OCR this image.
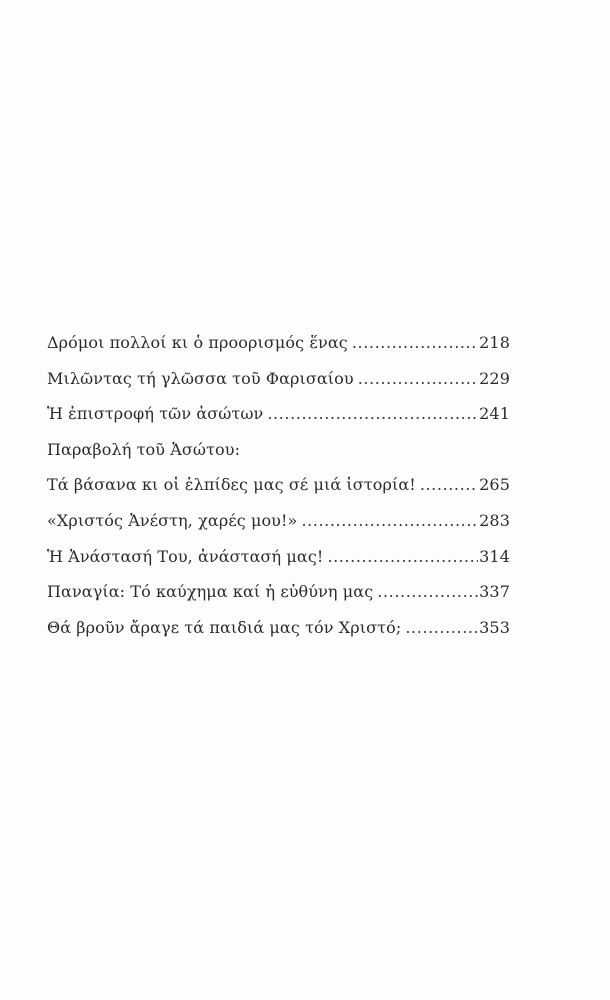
Δρόμοι πολλοί κι ὁ προορισμός ἕνας .....	218
Μιλῶντας τή γλῶσσα τοῦ Φαρισαίου .....	229
Ἡ ἐπιστροφή τῶν ἀσώτων .....	241
Παραβολή τοῦ Ἀσώτου:
Τά βάσανα κι οἱ ἐλπίδες μας σέ μιά ἱστορία! .....	265
«Χριστός Ἀνέστη, χαρές μου!» .....	283
Ἡ Ἀνάστασή Του, ἀνάστασή μας! .....	314
Παναγία: Τό καύχημα καί ἡ εὐθύνη μας .....	337
Θά βροῦν ἄραγε τά παιδιά μας τόν Χριστό; .....	353
